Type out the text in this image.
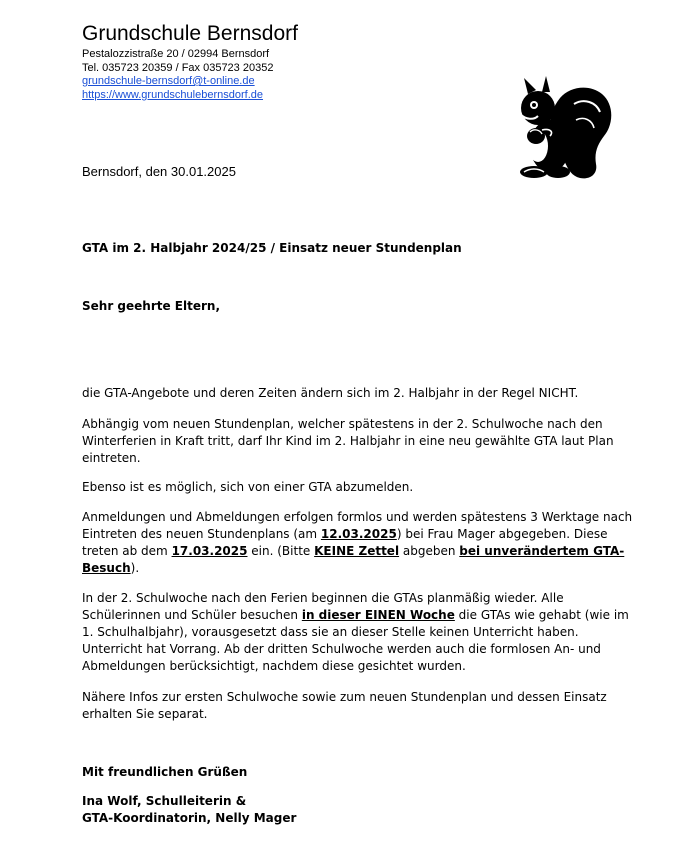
Grundschule Bernsdorf
Pestalozzistraße 20 / 02994 Bernsdorf
Tel. 035723 20359 / Fax 035723 20352
grundschule-bernsdorf@t-online.de
https://www.grundschulebernsdorf.de
Bernsdorf, den 30.01.2025
GTA im 2. Halbjahr 2024/25 / Einsatz neuer Stundenplan
Sehr geehrte Eltern,
die GTA-Angebote und deren Zeiten ändern sich im 2. Halbjahr in der Regel NICHT.
Abhängig vom neuen Stundenplan, welcher spätestens in der 2. Schulwoche nach den Winterferien in Kraft tritt, darf Ihr Kind im 2. Halbjahr in eine neu gewählte GTA laut Plan eintreten.
Ebenso ist es möglich, sich von einer GTA abzumelden.
Anmeldungen und Abmeldungen erfolgen formlos und werden spätestens 3 Werktage nach Eintreten des neuen Stundenplans (am 12.03.2025) bei Frau Mager abgegeben. Diese treten ab dem 17.03.2025 ein. (Bitte KEINE Zettel abgeben bei unverändertem GTA-Besuch).
In der 2. Schulwoche nach den Ferien beginnen die GTAs planmäßig wieder. Alle Schülerinnen und Schüler besuchen in dieser EINEN Woche die GTAs wie gehabt (wie im 1. Schulhalbjahr), vorausgesetzt dass sie an dieser Stelle keinen Unterricht haben. Unterricht hat Vorrang. Ab der dritten Schulwoche werden auch die formlosen An- und Abmeldungen berücksichtigt, nachdem diese gesichtet wurden.
Nähere Infos zur ersten Schulwoche sowie zum neuen Stundenplan und dessen Einsatz erhalten Sie separat.
Mit freundlichen Grüßen
Ina Wolf, Schulleiterin &
GTA-Koordinatorin, Nelly Mager
